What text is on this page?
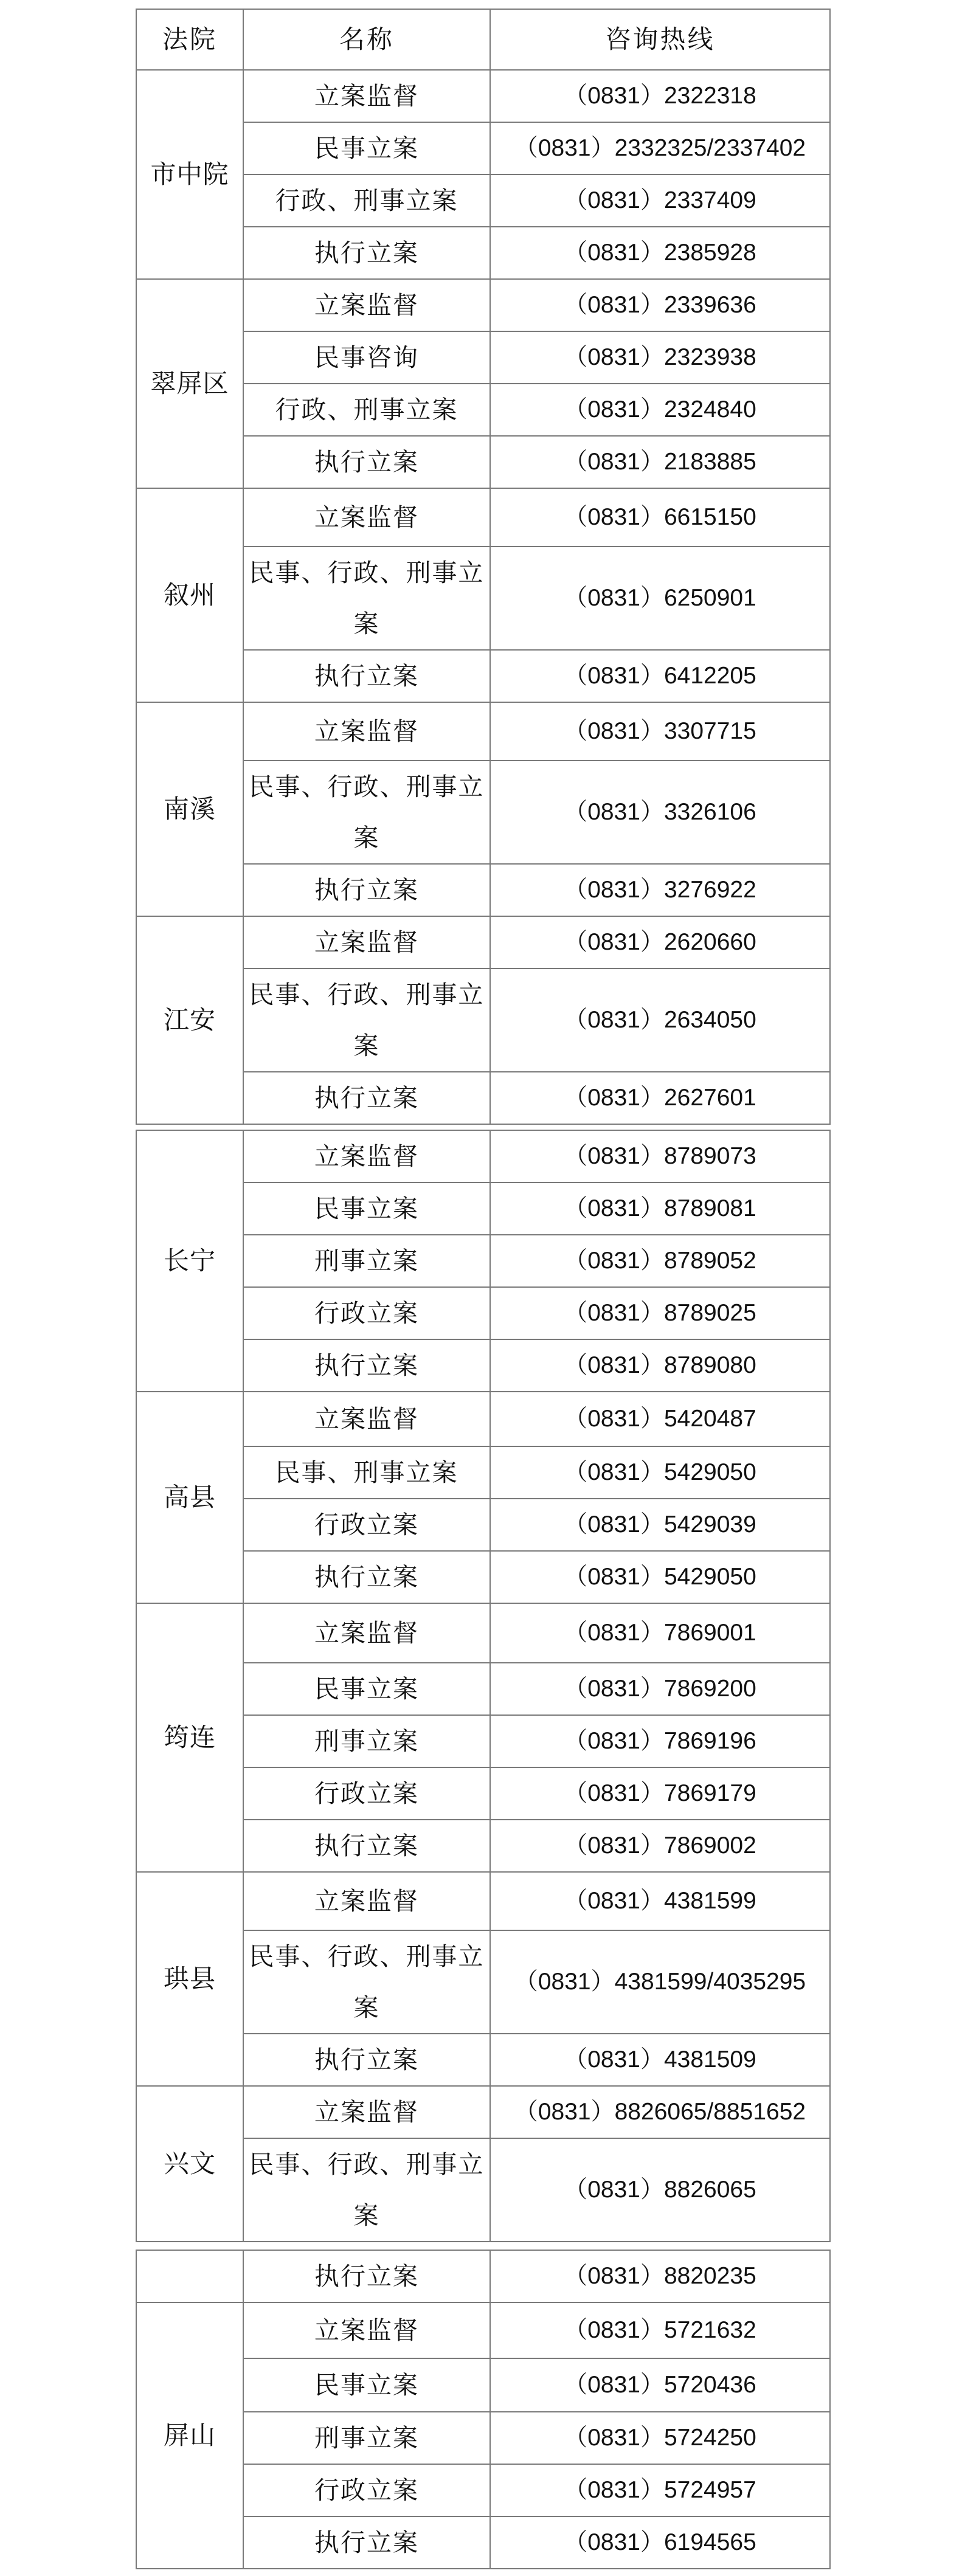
法院	名称	咨询热线
市中院	立案监督	（0831）2322318
	民事立案	（0831）2332325/2337402
	行政、刑事立案	（0831）2337409
	执行立案	（0831）2385928
翠屏区	立案监督	（0831）2339636
	民事咨询	（0831）2323938
	行政、刑事立案	（0831）2324840
	执行立案	（0831）2183885
叙州	立案监督	（0831）6615150
	民事、行政、刑事立案	（0831）6250901
	执行立案	（0831）6412205
南溪	立案监督	（0831）3307715
	民事、行政、刑事立案	（0831）3326106
	执行立案	（0831）3276922
江安	立案监督	（0831）2620660
	民事、行政、刑事立案	（0831）2634050
	执行立案	（0831）2627601
长宁	立案监督	（0831）8789073
	民事立案	（0831）8789081
	刑事立案	（0831）8789052
	行政立案	（0831）8789025
	执行立案	（0831）8789080
高县	立案监督	（0831）5420487
	民事、刑事立案	（0831）5429050
	行政立案	（0831）5429039
	执行立案	（0831）5429050
筠连	立案监督	（0831）7869001
	民事立案	（0831）7869200
	刑事立案	（0831）7869196
	行政立案	（0831）7869179
	执行立案	（0831）7869002
珙县	立案监督	（0831）4381599
	民事、行政、刑事立案	（0831）4381599/4035295
	执行立案	（0831）4381509
兴文	立案监督	（0831）8826065/8851652
	民事、行政、刑事立案	（0831）8826065
	执行立案	（0831）8820235
屏山	立案监督	（0831）5721632
	民事立案	（0831）5720436
	刑事立案	（0831）5724250
	行政立案	（0831）5724957
	执行立案	（0831）6194565
